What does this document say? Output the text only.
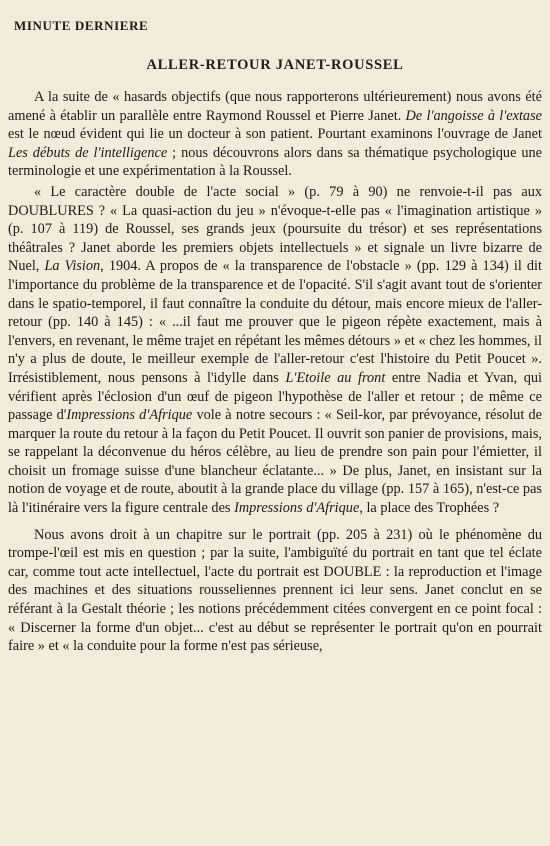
MINUTE DERNIERE
ALLER-RETOUR JANET-ROUSSEL

A la suite de « hasards objectifs (que nous rapporterons ultérieurement) nous avons été amené à établir un parallèle entre Raymond Roussel et Pierre Janet. De l'angoisse à l'extase est le nœud évident qui lie un docteur à son patient. Pourtant examinons l'ouvrage de Janet Les débuts de l'intelligence ; nous découvrons alors dans sa thématique psychologique une terminologie et une expérimentation à la Roussel.

« Le caractère double de l'acte social » (p. 79 à 90) ne renvoie-t-il pas aux DOUBLURES ? « La quasi-action du jeu » n'évoque-t-elle pas « l'imagination artistique » (p. 107 à 119) de Roussel, ses grands jeux (poursuite du trésor) et ses représentations théâtrales ? Janet aborde les premiers objets intellectuels » et signale un livre bizarre de Nuel, La Vision, 1904. A propos de « la transparence de l'obstacle » (pp. 129 à 134) il dit l'importance du problème de la transparence et de l'opacité. S'il s'agit avant tout de s'orienter dans le spatio-temporel, il faut connaître la conduite du détour, mais encore mieux de l'aller-retour (pp. 140 à 145) : « ...il faut me prouver que le pigeon répète exactement, mais à l'envers, en revenant, le même trajet en répétant les mêmes détours » et « chez les hommes, il n'y a plus de doute, le meilleur exemple de l'aller-retour c'est l'histoire du Petit Poucet ». Irrésistiblement, nous pensons à l'idylle dans L'Etoile au front entre Nadia et Yvan, qui vérifient après l'éclosion d'un œuf de pigeon l'hypothèse de l'aller et retour ; de même ce passage d'Impressions d'Afrique vole à notre secours : « Seil-kor, par prévoyance, résolut de marquer la route du retour à la façon du Petit Poucet. Il ouvrit son panier de provisions, mais, se rappelant la déconvenue du héros célèbre, au lieu de prendre son pain pour l'émietter, il choisit un fromage suisse d'une blancheur éclatante... » De plus, Janet, en insistant sur la notion de voyage et de route, aboutit à la grande place du village (pp. 157 à 165), n'est-ce pas là l'itinéraire vers la figure centrale des Impressions d'Afrique, la place des Trophées ?

Nous avons droit à un chapitre sur le portrait (pp. 205 à 231) où le phénomène du trompe-l'œil est mis en question ; par la suite, l'ambiguïté du portrait en tant que tel éclate car, comme tout acte intellectuel, l'acte du portrait est DOUBLE : la reproduction et l'image des machines et des situations rousseliennes prennent ici leur sens. Janet conclut en se référant à la Gestalt théorie ; les notions précédemment citées convergent en ce point focal : « Discerner la forme d'un objet... c'est au début se représenter le portrait qu'on en pourrait faire » et « la conduite pour la forme n'est pas sérieuse,
